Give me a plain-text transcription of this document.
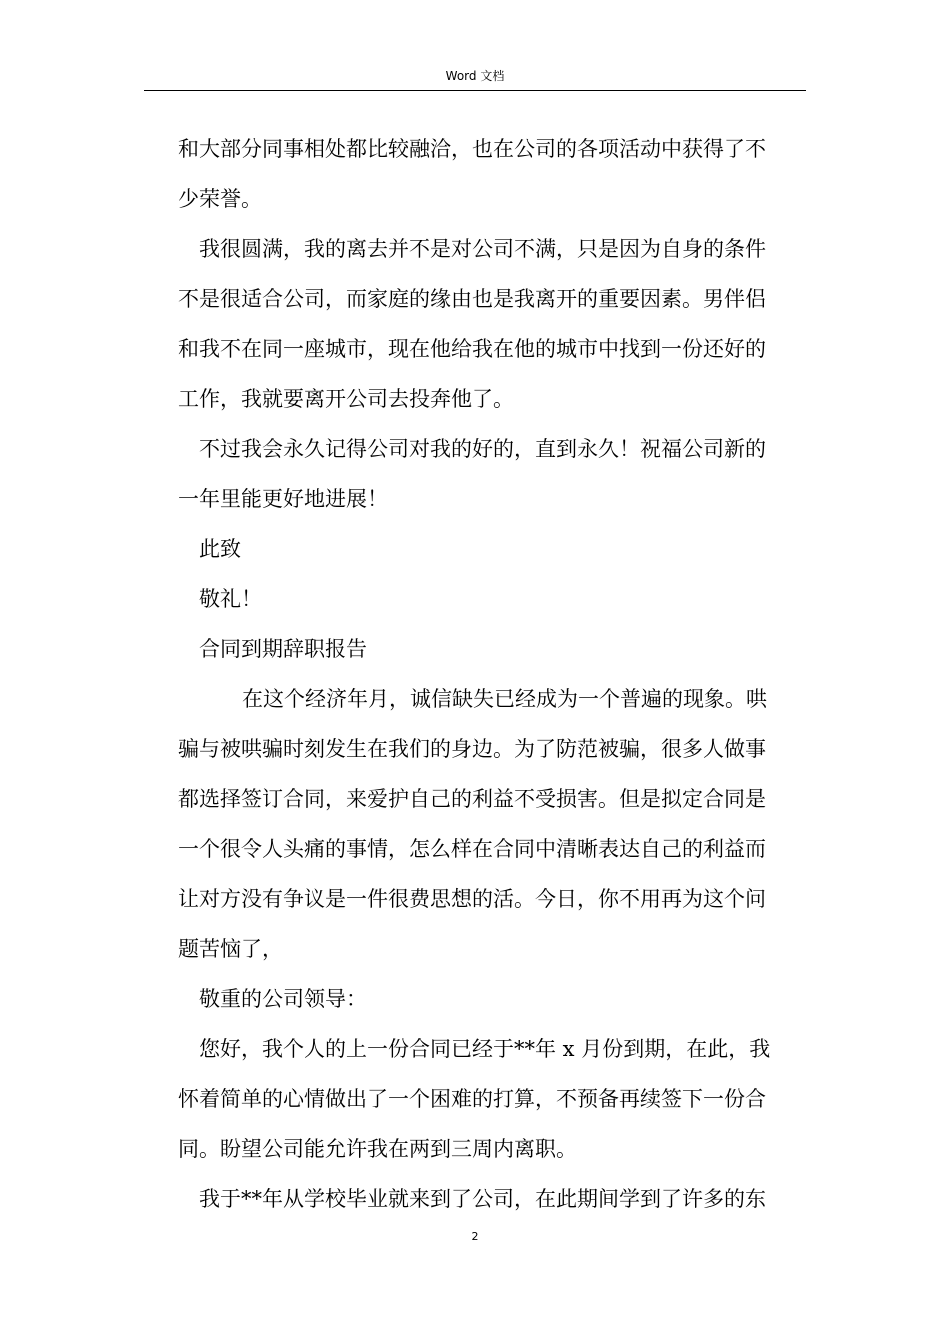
Word 文档

和大部分同事相处都比较融洽，也在公司的各项活动中获得了不

少荣誉。

我很圆满，我的离去并不是对公司不满，只是因为自身的条件

不是很适合公司，而家庭的缘由也是我离开的重要因素。男伴侣

和我不在同一座城市，现在他给我在他的城市中找到一份还好的

工作，我就要离开公司去投奔他了。

不过我会永久记得公司对我的好的，直到永久！祝福公司新的

一年里能更好地进展！

此致

敬礼！

合同到期辞职报告

在这个经济年月，诚信缺失已经成为一个普遍的现象。哄

骗与被哄骗时刻发生在我们的身边。为了防范被骗，很多人做事

都选择签订合同，来爱护自己的利益不受损害。但是拟定合同是

一个很令人头痛的事情，怎么样在合同中清晰表达自己的利益而

让对方没有争议是一件很费思想的活。今日，你不用再为这个问

题苦恼了，

敬重的公司领导：

您好，我个人的上一份合同已经于**年 x 月份到期，在此，我

怀着简单的心情做出了一个困难的打算，不预备再续签下一份合

同。盼望公司能允许我在两到三周内离职。

我于**年从学校毕业就来到了公司，在此期间学到了许多的东

2
